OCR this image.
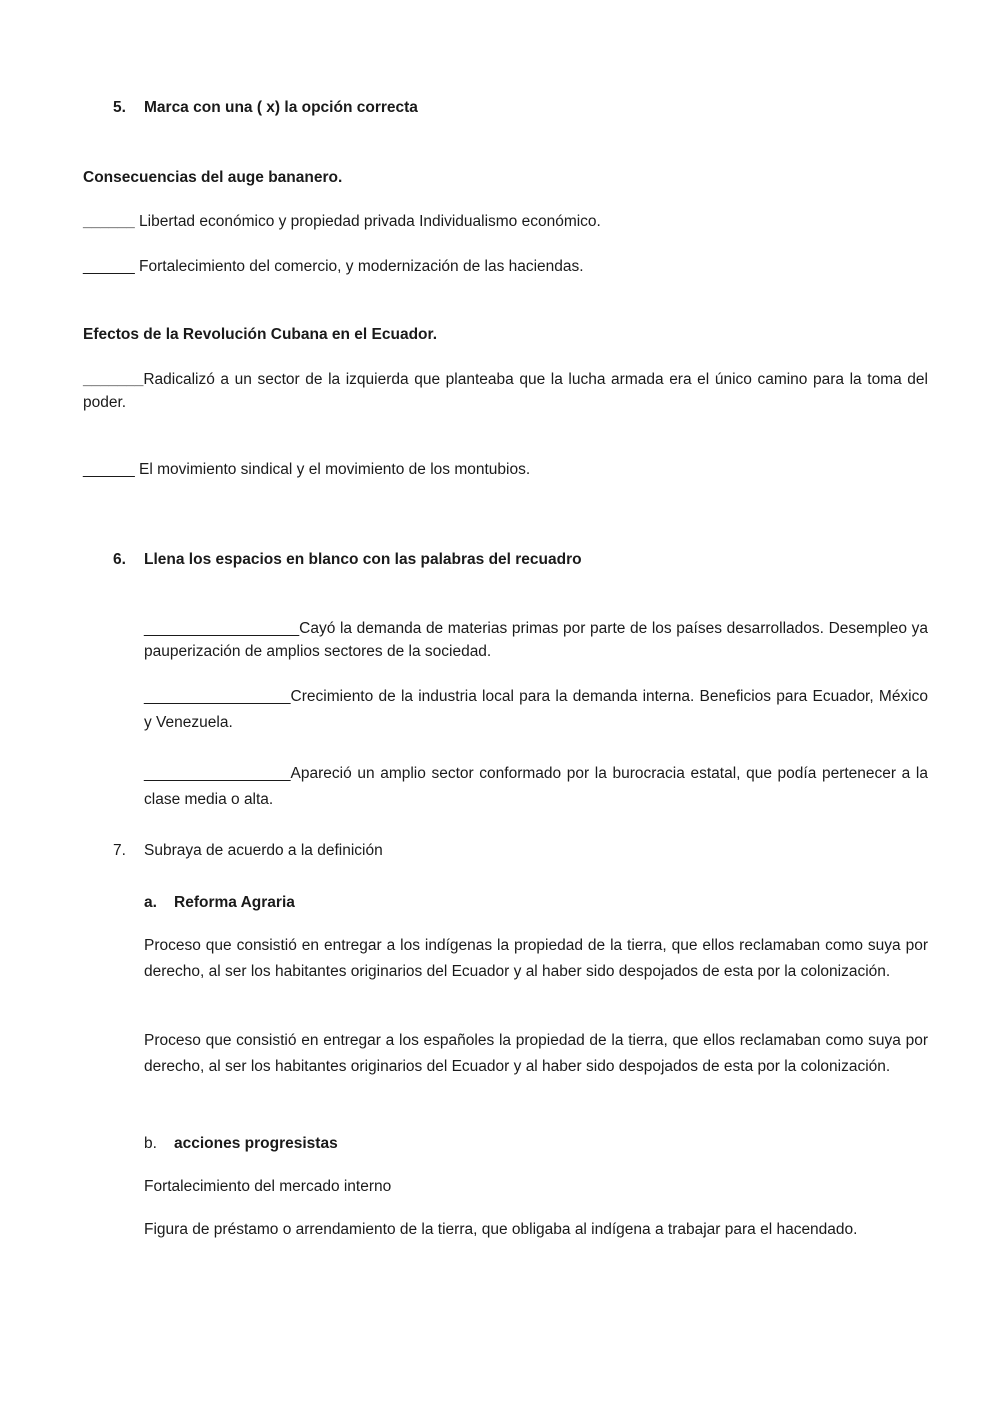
5. Marca con una ( x) la opción correcta

Consecuencias del auge bananero.

______ Libertad económico y propiedad privada Individualismo económico.

______ Fortalecimiento del comercio, y modernización de las haciendas.

Efectos de la Revolución Cubana en el Ecuador.

_______Radicalizó a un sector de la izquierda que planteaba que la lucha armada era el único camino para la toma del poder.

______ El movimiento sindical y el movimiento de los montubios.

6. Llena los espacios en blanco con las palabras del recuadro

__________________Cayó la demanda de materias primas por parte de los países desarrollados. Desempleo ya pauperización de amplios sectores de la sociedad.

_________________Crecimiento de la industria local para la demanda interna. Beneficios para Ecuador, México y Venezuela.

_________________Apareció un amplio sector conformado por la burocracia estatal, que podía pertenecer a la clase media o alta.

7. Subraya de acuerdo a la definición

a. Reforma Agraria

Proceso que consistió en entregar a los indígenas la propiedad de la tierra, que ellos reclamaban como suya por derecho, al ser los habitantes originarios del Ecuador y al haber sido despojados de esta por la colonización.

Proceso que consistió en entregar a los españoles la propiedad de la tierra, que ellos reclamaban como suya por derecho, al ser los habitantes originarios del Ecuador y al haber sido despojados de esta por la colonización.

b. acciones progresistas

Fortalecimiento del mercado interno

Figura de préstamo o arrendamiento de la tierra, que obligaba al indígena a trabajar para el hacendado.
